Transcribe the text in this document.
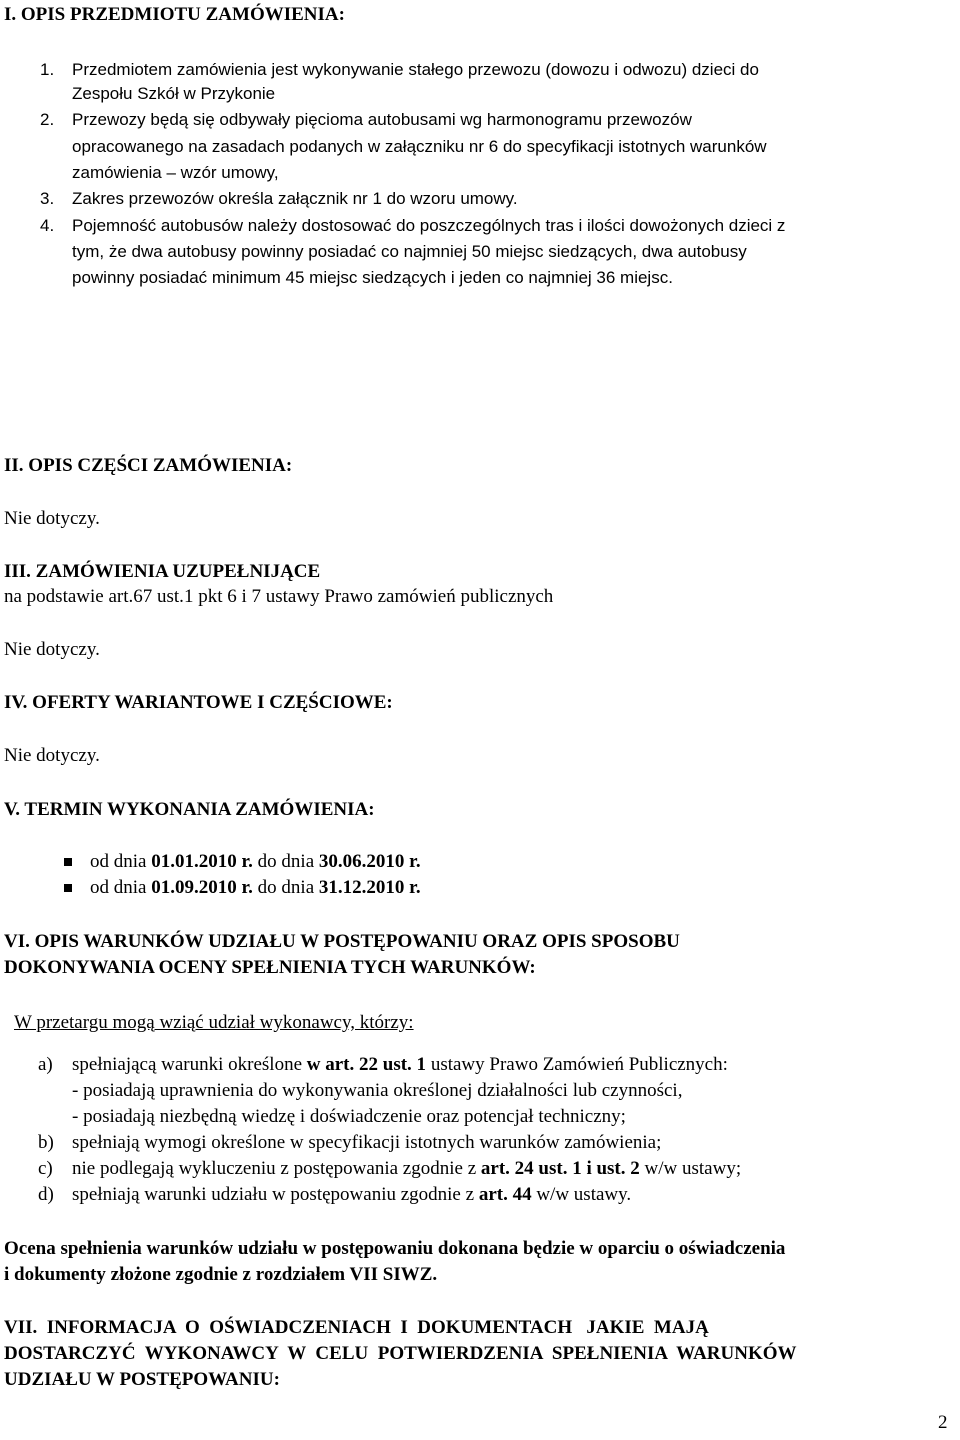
I. OPIS PRZEDMIOTU ZAMÓWIENIA:
1. Przedmiotem zamówienia jest wykonywanie stałego przewozu (dowozu i odwozu) dzieci do
Zespołu Szkół w Przykonie
2. Przewozy będą się odbywały pięcioma autobusami wg harmonogramu przewozów
opracowanego na zasadach podanych w załączniku nr 6 do specyfikacji istotnych warunków
zamówienia – wzór umowy,
3. Zakres przewozów określa załącznik nr 1 do wzoru umowy.
4. Pojemność autobusów należy dostosować do poszczególnych tras i ilości dowożonych dzieci z
tym, że dwa autobusy powinny posiadać co najmniej 50 miejsc siedzących, dwa autobusy
powinny posiadać minimum 45 miejsc siedzących i jeden co najmniej 36 miejsc.
II. OPIS CZĘŚCI ZAMÓWIENIA:
Nie dotyczy.
III. ZAMÓWIENIA UZUPEŁNIJĄCE
na podstawie art.67 ust.1 pkt 6 i 7 ustawy Prawo zamówień publicznych
Nie dotyczy.
IV. OFERTY WARIANTOWE I CZĘŚCIOWE:
Nie dotyczy.
V. TERMIN WYKONANIA ZAMÓWIENIA:
od dnia 01.01.2010 r. do dnia 30.06.2010 r.
od dnia 01.09.2010 r. do dnia 31.12.2010 r.
VI. OPIS WARUNKÓW UDZIAŁU W POSTĘPOWANIU ORAZ OPIS SPOSOBU
DOKONYWANIA OCENY SPEŁNIENIA TYCH WARUNKÓW:
W przetargu mogą wziąć udział wykonawcy, którzy:
a) spełniającą warunki określone w art. 22 ust. 1 ustawy Prawo Zamówień Publicznych:
- posiadają uprawnienia do wykonywania określonej działalności lub czynności,
- posiadają niezbędną wiedzę i doświadczenie oraz potencjał techniczny;
b) spełniają wymogi określone w specyfikacji istotnych warunków zamówienia;
c) nie podlegają wykluczeniu z postępowania zgodnie z art. 24 ust. 1 i ust. 2 w/w ustawy;
d) spełniają warunki udziału w postępowaniu zgodnie z art. 44 w/w ustawy.
Ocena spełnienia warunków udziału w postępowaniu dokonana będzie w oparciu o oświadczenia
i dokumenty złożone zgodnie z rozdziałem VII SIWZ.
VII.  INFORMACJA  O  OŚWIADCZENIACH  I  DOKUMENTACH   JAKIE  MAJĄ
DOSTARCZYĆ  WYKONAWCY  W  CELU  POTWIERDZENIA  SPEŁNIENIA  WARUNKÓW
UDZIAŁU W POSTĘPOWANIU:
2
